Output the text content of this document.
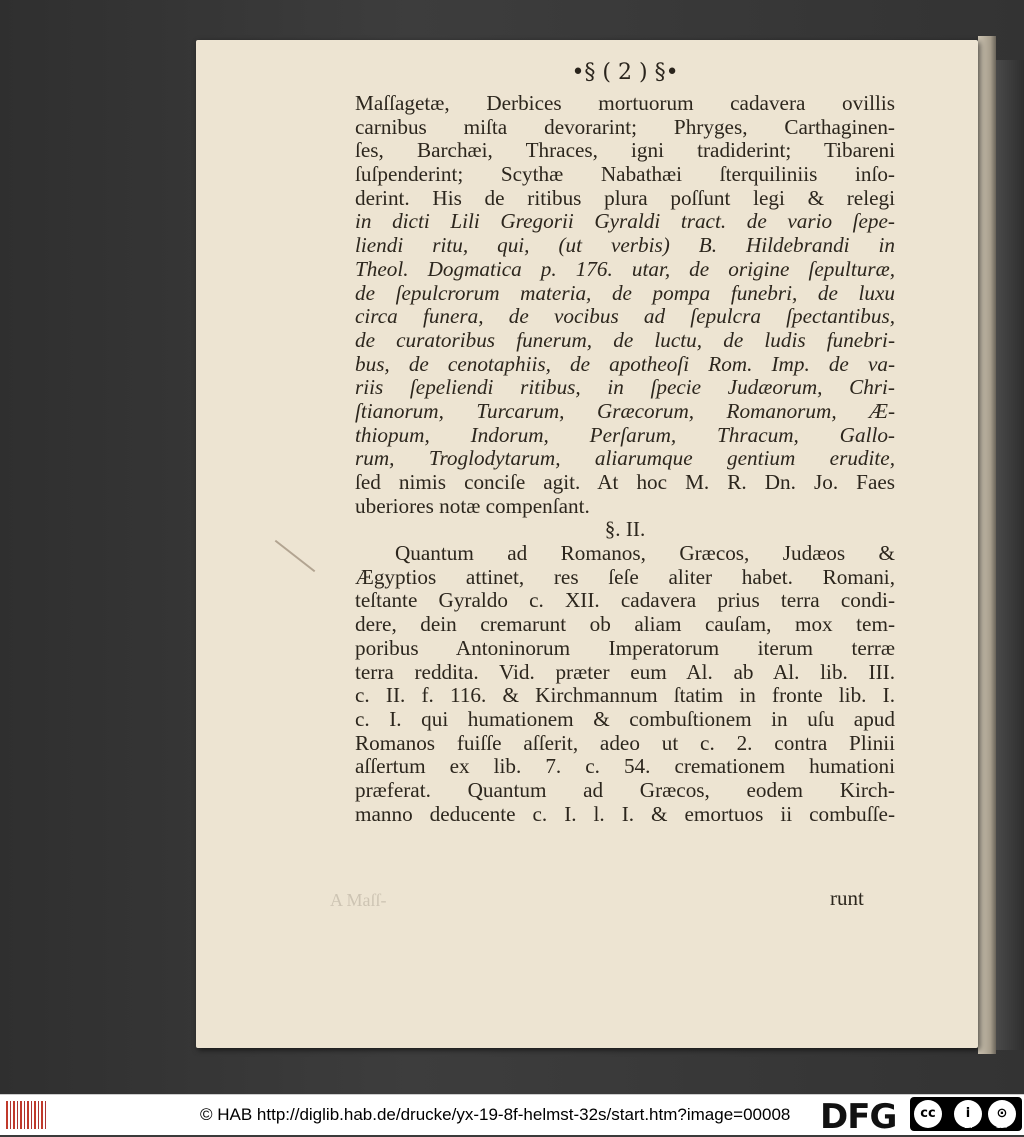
•§ ( 2 ) §•
Maſſagetæ, Derbices mortuorum cadavera ovillis
carnibus miſta devorarint; Phryges, Carthaginen-
ſes, Barchæi, Thraces, igni tradiderint; Tibareni
ſuſpenderint; Scythæ Nabathæi ſterquiliniis inſo-
derint. His de ritibus plura poſſunt legi & relegi
in dicti Lili Gregorii Gyraldi tract. de vario ſepe-
liendi ritu, qui, (ut verbis) B. Hildebrandi in
Theol. Dogmatica p. 176. utar, de origine ſepulturæ,
de ſepulcrorum materia, de pompa funebri, de luxu
circa funera, de vocibus ad ſepulcra ſpectantibus,
de curatoribus funerum, de luctu, de ludis funebri-
bus, de cenotaphiis, de apotheoſi Rom. Imp. de va-
riis ſepeliendi ritibus, in ſpecie Judæorum, Chri-
ſtianorum, Turcarum, Græcorum, Romanorum, Æ-
thiopum, Indorum, Perſarum, Thracum, Gallo-
rum, Troglodytarum, aliarumque gentium erudite,
ſed nimis conciſe agit. At hoc M. R. Dn. Jo. Faes
uberiores notæ compenſant.
§. II.
Quantum ad Romanos, Græcos, Judæos &
Ægyptios attinet, res ſeſe aliter habet. Romani,
teſtante Gyraldo c. XII. cadavera prius terra condi-
dere, dein cremarunt ob aliam cauſam, mox tem-
poribus Antoninorum Imperatorum iterum terræ
terra reddita. Vid. præter eum Al. ab Al. lib. III.
c. II. f. 116. & Kirchmannum ſtatim in fronte lib. I.
c. I. qui humationem & combuſtionem in uſu apud
Romanos fuiſſe aſſerit, adeo ut c. 2. contra Plinii
aſſertum ex lib. 7. c. 54. cremationem humationi
præferat. Quantum ad Græcos, eodem Kirch-
manno deducente c. I. l. I. & emortuos ii combuſſe-
runt
A Maſſ-
© HAB http://diglib.hab.de/drucke/yx-19-8f-helmst-32s/start.htm?image=00008 DFG	cc	i	⊙
BY	SA
